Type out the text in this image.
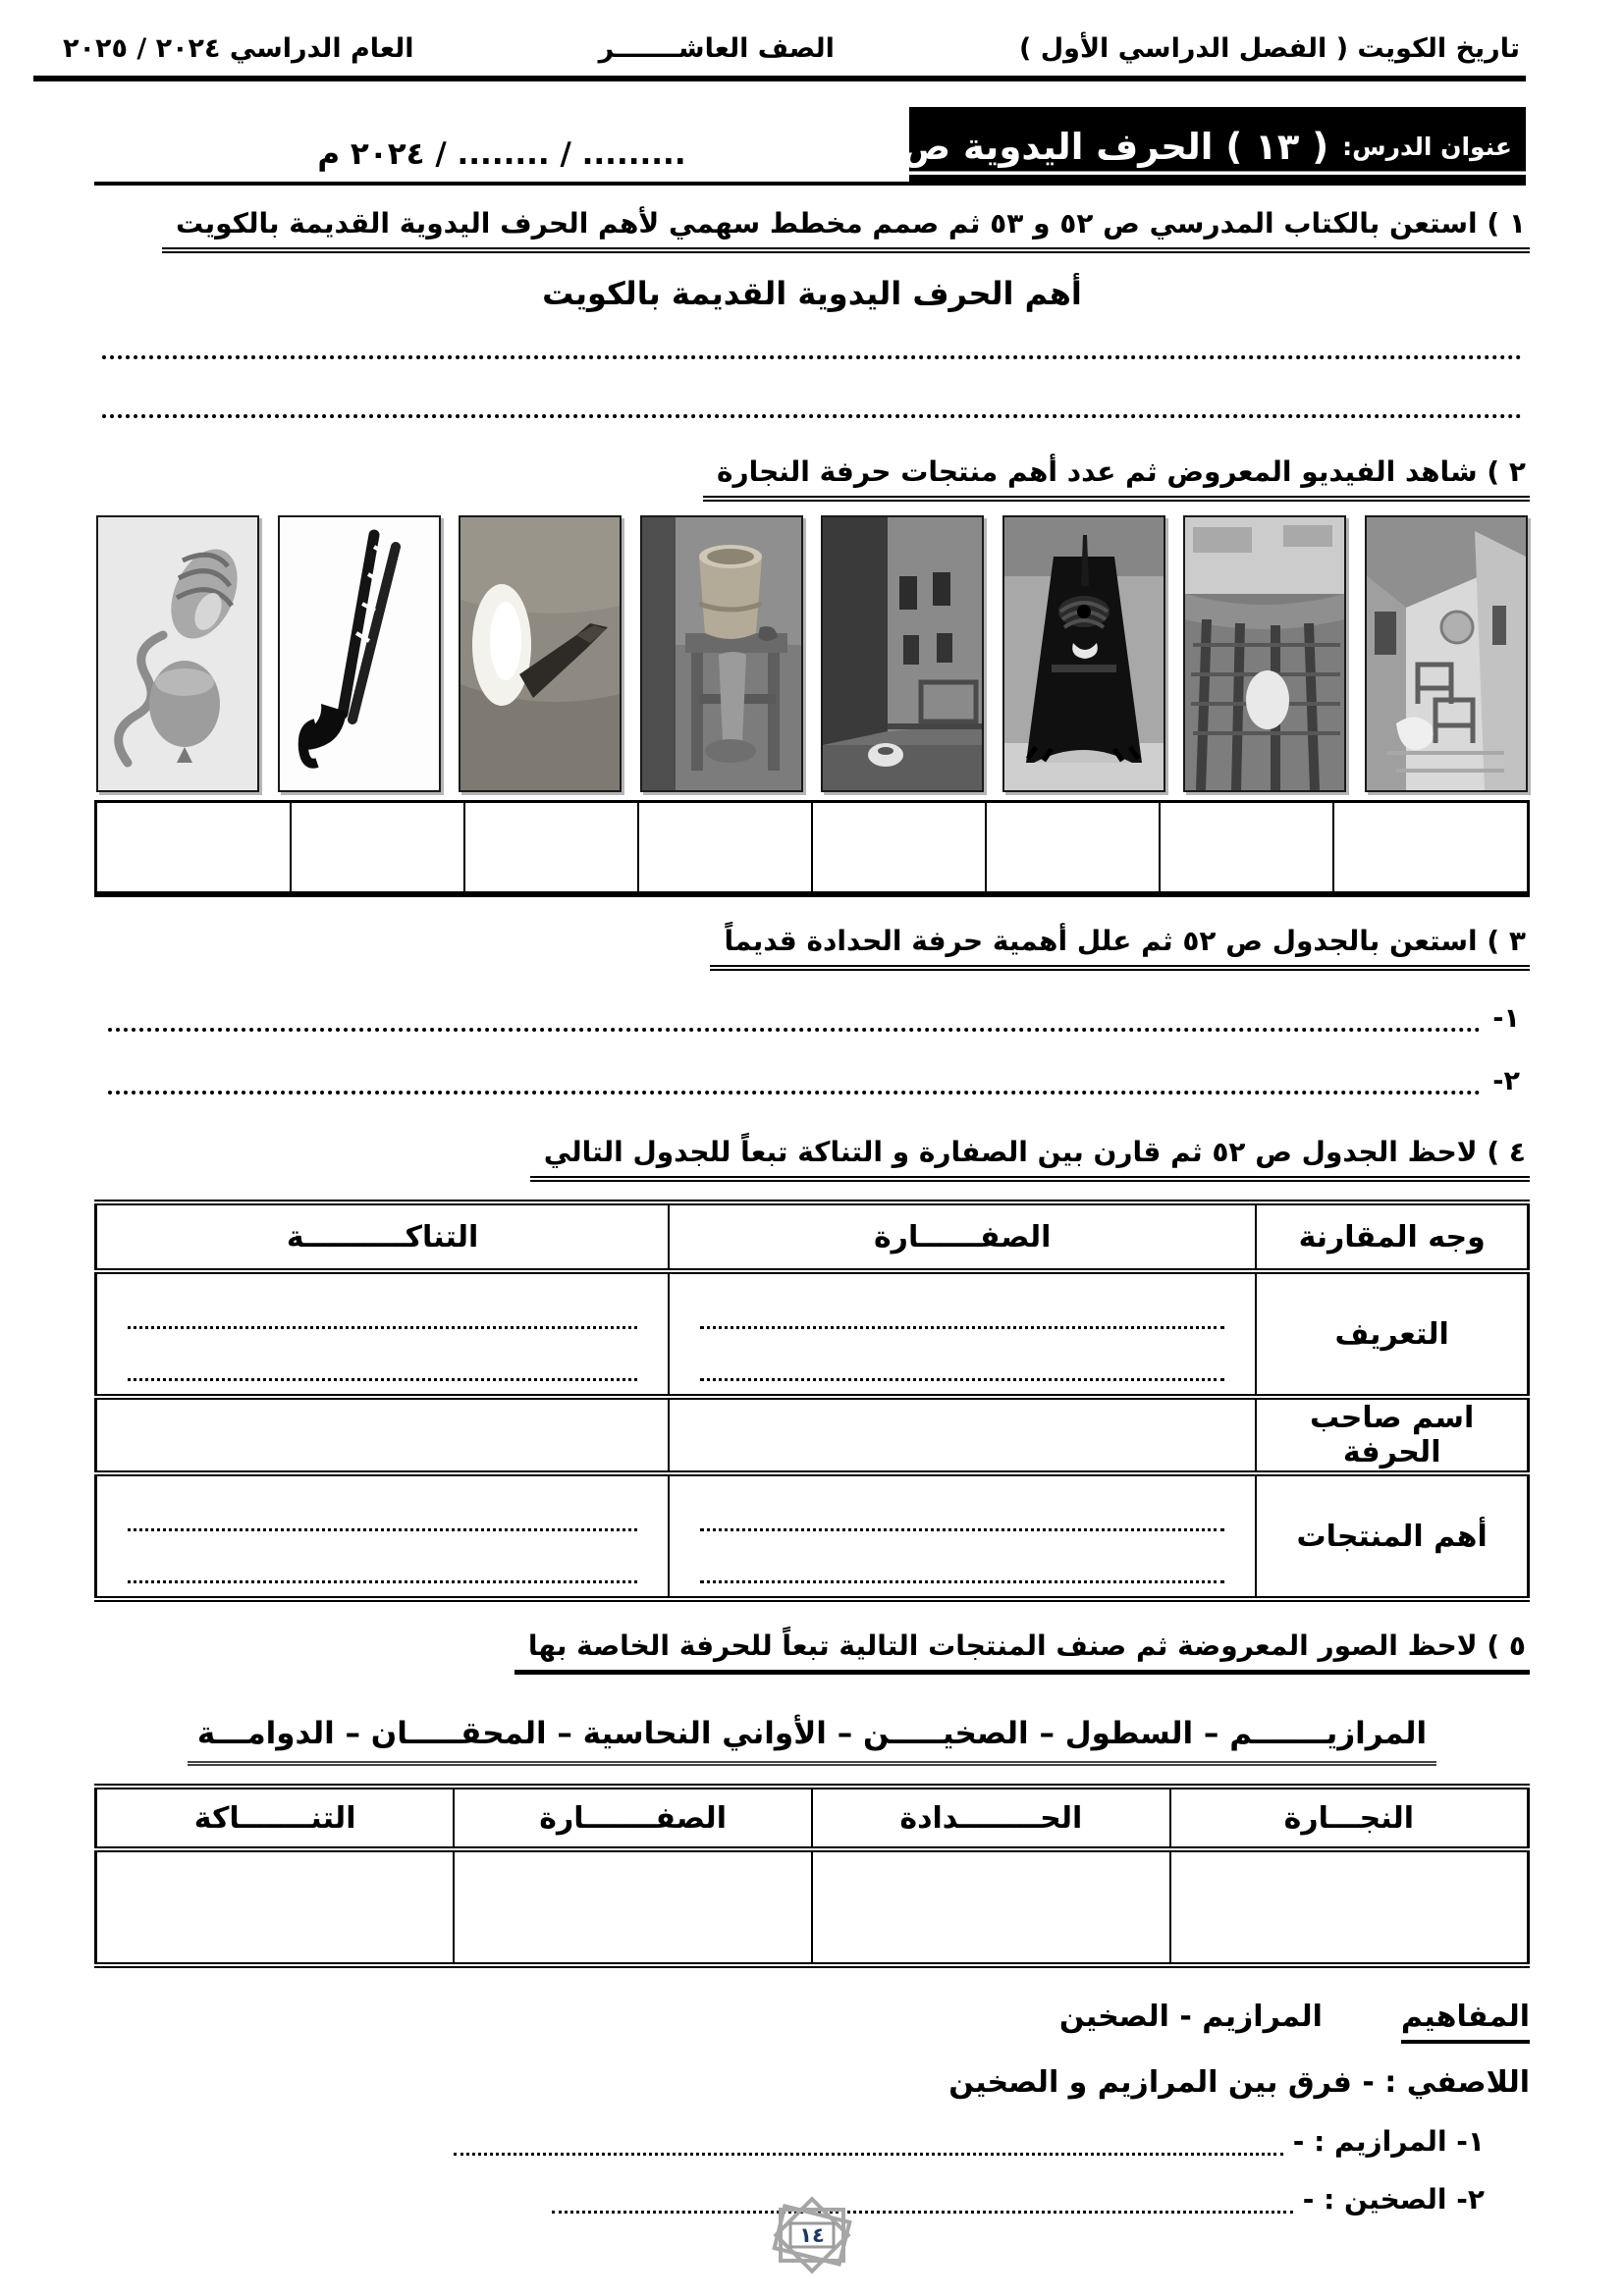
تاريخ الكويت ( الفصل الدراسي الأول )
الصف العاشـــــــر
العام الدراسي ٢٠٢٤ / ٢٠٢٥
عنوان الدرس:
( ١٣ ) الحرف اليدوية ص ٥٢.
......... / ........ / ٢٠٢٤ م
١ ) استعن بالكتاب المدرسي ص ٥٢ و ٥٣ ثم صمم مخطط سهمي لأهم الحرف اليدوية القديمة بالكويت
أهم الحرف اليدوية القديمة بالكويت
٢ ) شاهد الفيديو المعروض ثم عدد أهم منتجات حرفة النجارة

٣ ) استعن بالجدول ص ٥٢ ثم علل أهمية حرفة الحدادة قديماً
١-
٢-
٤ ) لاحظ الجدول ص ٥٢ ثم قارن بين الصفارة و التناكة تبعاً للجدول التالي
وجه المقارنة	الصفــــــارة	التناكــــــــــة
التعريف	

اسم صاحب الحرفة		
أهم المنتجات	

٥ ) لاحظ الصور المعروضة ثم صنف المنتجات التالية تبعاً للحرفة الخاصة بها
المرازيـــــــم – السطول – الصخيـــــن – الأواني النحاسية – المحقـــــان – الدوامـــة
النجـــارة	الحــــــــدادة	الصفـــــــارة	التنـــــــاكة

المفاهيم
المرازيم - الصخين
اللاصفي : - فرق بين المرازيم و الصخين
١- المرازيم : -
٢- الصخين : -
١٤
